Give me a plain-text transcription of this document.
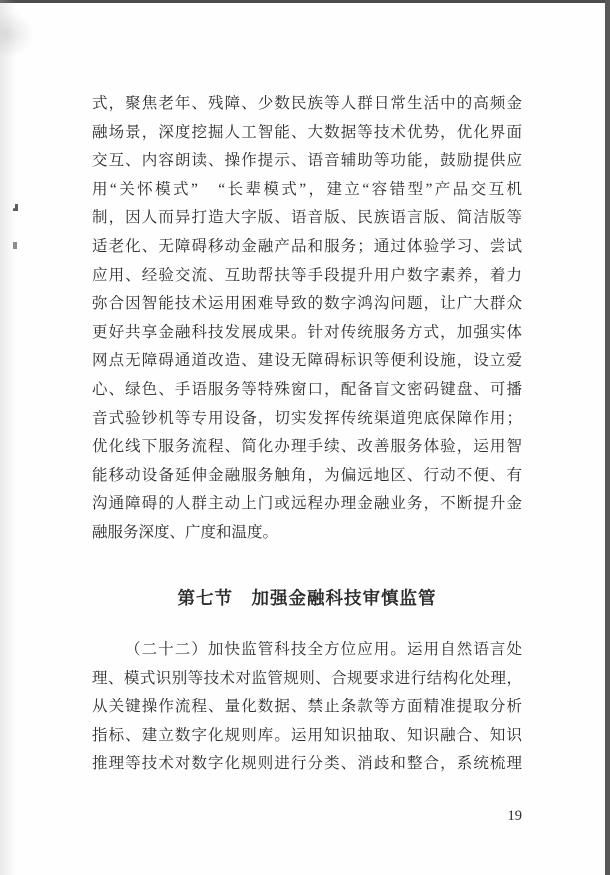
式，聚焦老年、残障、少数民族等人群日常生活中的高频金
融场景，深度挖掘人工智能、大数据等技术优势，优化界面
交互、内容朗读、操作提示、语音辅助等功能，鼓励提供应
用“关怀模式”　“长辈模式”，建立“容错型”产品交互机
制，因人而异打造大字版、语音版、民族语言版、简洁版等
适老化、无障碍移动金融产品和服务；通过体验学习、尝试
应用、经验交流、互助帮扶等手段提升用户数字素养，着力
弥合因智能技术运用困难导致的数字鸿沟问题，让广大群众
更好共享金融科技发展成果。针对传统服务方式，加强实体
网点无障碍通道改造、建设无障碍标识等便利设施，设立爱
心、绿色、手语服务等特殊窗口，配备盲文密码键盘、可播
音式验钞机等专用设备，切实发挥传统渠道兜底保障作用；
优化线下服务流程、简化办理手续、改善服务体验，运用智
能移动设备延伸金融服务触角，为偏远地区、行动不便、有
沟通障碍的人群主动上门或远程办理金融业务，不断提升金
融服务深度、广度和温度。
第七节　加强金融科技审慎监管
（二十二）加快监管科技全方位应用。运用自然语言处
理、模式识别等技术对监管规则、合规要求进行结构化处理，
从关键操作流程、量化数据、禁止条款等方面精准提取分析
指标、建立数字化规则库。运用知识抽取、知识融合、知识
推理等技术对数字化规则进行分类、消歧和整合，系统梳理
19
